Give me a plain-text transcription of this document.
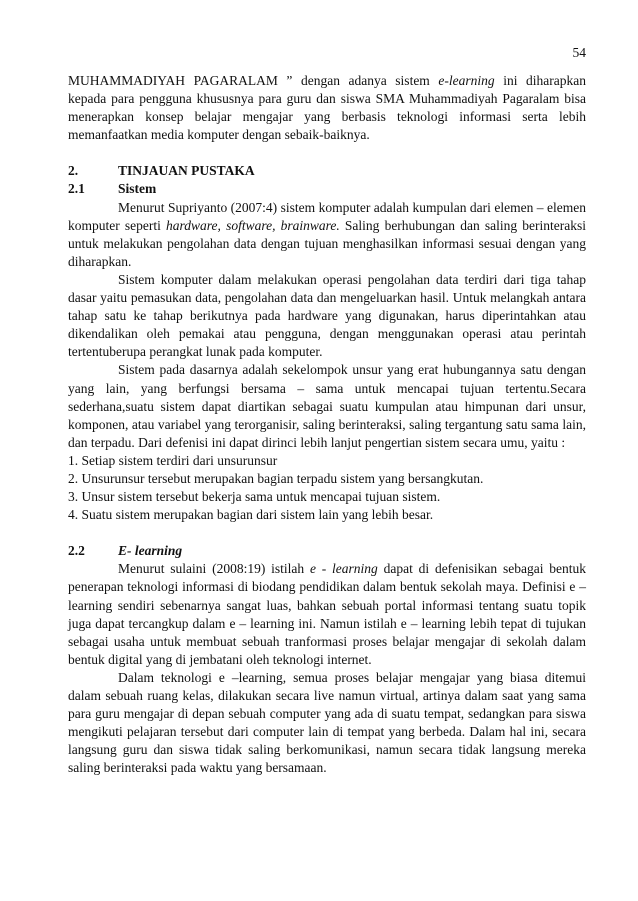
54

MUHAMMADIYAH PAGARALAM ” dengan adanya sistem e-learning ini diharapkan kepada para pengguna khususnya para guru dan siswa SMA Muhammadiyah Pagaralam bisa menerapkan konsep belajar mengajar yang berbasis teknologi informasi serta lebih memanfaatkan media komputer dengan sebaik-baiknya.

2.	TINJAUAN PUSTAKA
2.1	Sistem

Menurut Supriyanto (2007:4) sistem komputer adalah kumpulan dari elemen – elemen komputer seperti hardware, software, brainware. Saling berhubungan dan saling berinteraksi untuk melakukan pengolahan data dengan tujuan menghasilkan informasi sesuai dengan yang diharapkan.

Sistem komputer dalam melakukan operasi pengolahan data terdiri dari tiga tahap dasar yaitu pemasukan data, pengolahan data dan mengeluarkan hasil. Untuk melangkah antara tahap satu ke tahap berikutnya pada hardware yang digunakan, harus diperintahkan atau dikendalikan oleh pemakai atau pengguna, dengan menggunakan operasi atau perintah tertentuberupa perangkat lunak pada komputer.

Sistem pada dasarnya adalah sekelompok unsur yang erat hubungannya satu dengan yang lain, yang berfungsi bersama – sama untuk mencapai tujuan tertentu.Secara sederhana,suatu sistem dapat diartikan sebagai suatu kumpulan atau himpunan dari unsur, komponen, atau variabel yang terorganisir, saling berinteraksi, saling tergantung satu sama lain, dan terpadu. Dari defenisi ini dapat dirinci lebih lanjut pengertian sistem secara umu, yaitu :

1. Setiap sistem terdiri dari unsurunsur
2. Unsurunsur tersebut merupakan bagian terpadu sistem yang bersangkutan.
3. Unsur sistem tersebut bekerja sama untuk mencapai tujuan sistem.
4. Suatu sistem merupakan bagian dari sistem lain yang lebih besar.
2.2	E- learning

Menurut sulaini (2008:19) istilah e - learning dapat di defenisikan sebagai bentuk penerapan teknologi informasi di biodang pendidikan dalam bentuk sekolah maya. Definisi e – learning sendiri sebenarnya sangat luas, bahkan sebuah portal informasi tentang suatu topik juga dapat tercangkup dalam e – learning ini. Namun istilah e – learning lebih tepat di tujukan sebagai usaha untuk membuat sebuah tranformasi proses belajar mengajar di sekolah dalam bentuk digital yang di jembatani oleh teknologi internet.

Dalam teknologi e –learning, semua proses belajar mengajar yang biasa ditemui dalam sebuah ruang kelas, dilakukan secara live namun virtual, artinya dalam saat yang sama para guru mengajar di depan sebuah computer yang ada di suatu tempat, sedangkan para siswa mengikuti pelajaran tersebut dari computer lain di tempat yang berbeda. Dalam hal ini, secara langsung guru dan siswa tidak saling berkomunikasi, namun secara tidak langsung mereka saling berinteraksi pada waktu yang bersamaan.
